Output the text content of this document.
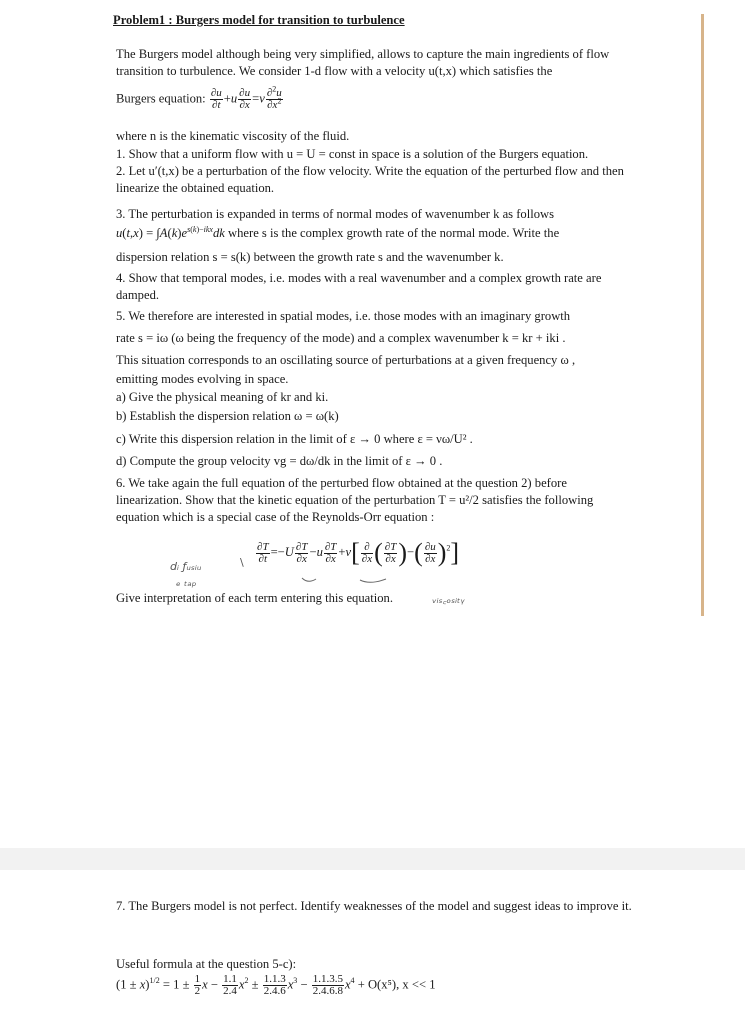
Problem1 : Burgers model for transition to turbulence
The Burgers model although being very simplified, allows to capture the main ingredients of flow transition to turbulence. We consider 1-d flow with a velocity u(t,x) which satisfies the
Burgers equation: $\frac{\partial u}{\partial t} +u \frac{\partial u}{\partial x} =\nu \frac{\partial^2u}{\partial x^2}$
where n is the kinematic viscosity of the fluid.
1. Show that a uniform flow with u = U = const in space is a solution of the Burgers equation.
2. Let u′(t,x) be a perturbation of the flow velocity. Write the equation of the perturbed flow and then linearize the obtained equation.
3. The perturbation is expanded in terms of normal modes of wavenumber k as follows
$u(t,x) = \int A(k)e^{s(k)-ikx}dk$ where s is the complex growth rate of the normal mode. Write the
dispersion relation s = s(k) between the growth rate s and the wavenumber k.
4. Show that temporal modes, i.e. modes with a real wavenumber and a complex growth rate are damped.
5. We therefore are interested in spatial modes, i.e. those modes with an imaginary growth
rate s = iω (ω being the frequency of the mode) and a complex wavenumber k = kr + iki .
This situation corresponds to an oscillating source of perturbations at a given frequency ω ,
emitting modes evolving in space.
a) Give the physical meaning of kr and ki.
b) Establish the dispersion relation ω = ω(k)
c) Write this dispersion relation in the limit of ε → 0 where ε = νω/U² .
d) Compute the group velocity vg = dω/dk in the limit of ε → 0 .
6. We take again the full equation of the perturbed flow obtained at the question 2) before linearization. Show that the kinetic equation of the perturbation T = u²/2 satisfies the following equation which is a special case of the Reynolds-Orr equation :
dᵢ ƒᵤₛᵢᵤ
ₑ ₜₐₚ
\ $\frac{\partial T}{\partial t} =-U \frac{\partial T}{\partial x} -u \frac{\partial T}{\partial x} +\nu[ \frac{\partial}{\partial x}$ ( $\frac{\partial T}{\partial x}$ )−( $\frac{\partial u}{\partial x} )^2$]
Give interpretation of each term entering this equation.	ᵥᵢₛ꜀ₒₛᵢₜᵧ
7. The Burgers model is not perfect. Identify weaknesses of the model and suggest ideas to improve it.
Useful formula at the question 5-c):
$(1 \pm x)^{1/2} = 1 \pm \frac{1}{2}$ $x - \frac{1.1}{2.4} x^2 \pm \frac{1.1.3}{2.4.6} x^3 - \frac{1.1.3.5}{2.4.6.8} x^4 + O(x^5)$, x << 1
